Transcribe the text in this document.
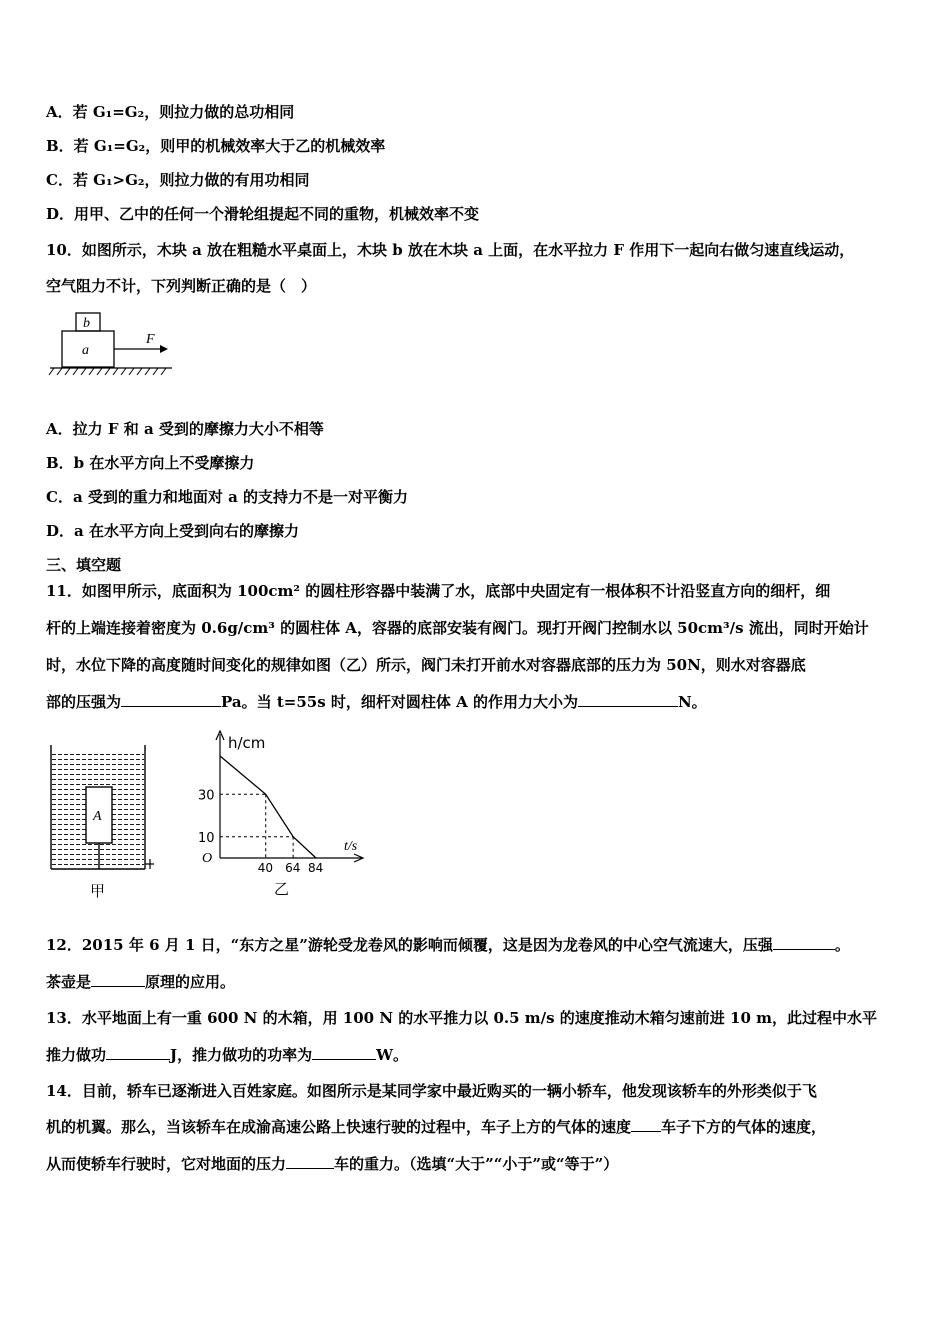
A．若 G₁=G₂，则拉力做的总功相同
B．若 G₁=G₂，则甲的机械效率大于乙的机械效率
C．若 G₁>G₂，则拉力做的有用功相同
D．用甲、乙中的任何一个滑轮组提起不同的重物，机械效率不变
10．如图所示，木块 a 放在粗糙水平桌面上，木块 b 放在木块 a 上面，在水平拉力 F 作用下一起向右做匀速直线运动，
空气阻力不计，下列判断正确的是（　）
b
a
F
A．拉力 F 和 a 受到的摩擦力大小不相等
B．b 在水平方向上不受摩擦力
C．a 受到的重力和地面对 a 的支持力不是一对平衡力
D．a 在水平方向上受到向右的摩擦力
三、填空题
11．如图甲所示，底面积为 100cm² 的圆柱形容器中装满了水，底部中央固定有一根体积不计沿竖直方向的细杆，细
杆的上端连接着密度为 0.6g/cm³ 的圆柱体 A，容器的底部安装有阀门。现打开阀门控制水以 50cm³/s 流出，同时开始计
时，水位下降的高度随时间变化的规律如图（乙）所示，阀门未打开前水对容器底部的压力为 50N，则水对容器底
部的压强为	Pa。当 t=55s 时，细杆对圆柱体 A 的作用力大小为	N。
A
甲
h/cm
t/s
O
30
10
40 64 84
乙
12．2015 年 6 月 1 日，“东方之星”游轮受龙卷风的影响而倾覆，这是因为龙卷风的中心空气流速大，压强	。
茶壶是	原理的应用。
13．水平地面上有一重 600 N 的木箱，用 100 N 的水平推力以 0.5 m/s 的速度推动木箱匀速前进 10 m，此过程中水平
推力做功	J，推力做功的功率为	W。
14．目前，轿车已逐渐进入百姓家庭。如图所示是某同学家中最近购买的一辆小轿车，他发现该轿车的外形类似于飞
机的机翼。那么，当该轿车在成渝高速公路上快速行驶的过程中，车子上方的气体的速度 车子下方的气体的速度，
从而使轿车行驶时，它对地面的压力	车的重力。（选填“大于”“小于”或“等于”）
